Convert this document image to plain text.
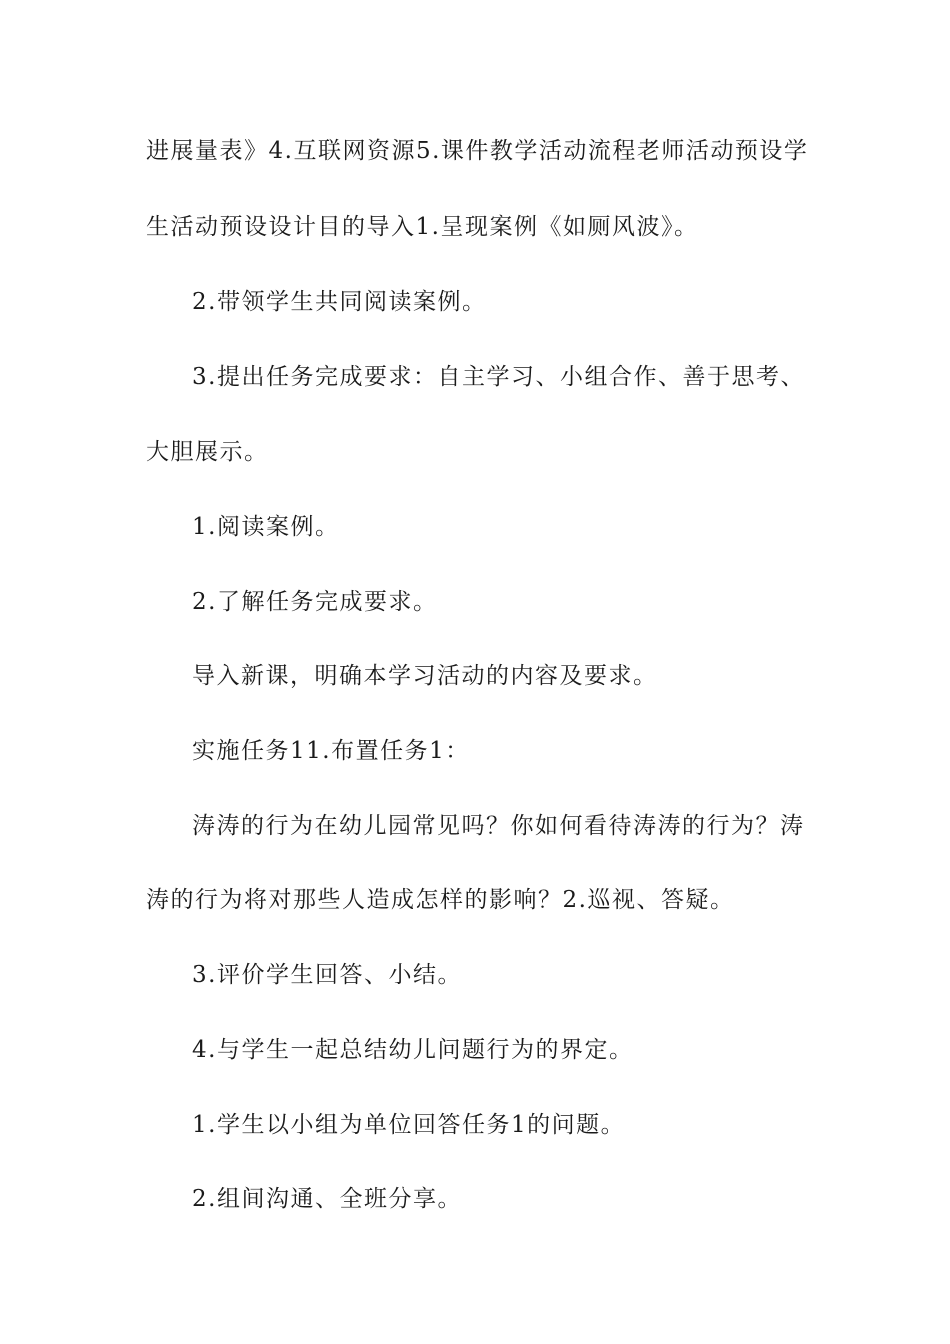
进展量表》4.互联网资源5.课件教学活动流程老师活动预设学
生活动预设设计目的导入1.呈现案例《如厕风波》。
2.带领学生共同阅读案例。
3.提出任务完成要求：自主学习、小组合作、善于思考、
大胆展示。
1.阅读案例。
2.了解任务完成要求。
导入新课，明确本学习活动的内容及要求。
实施任务11.布置任务1：
涛涛的行为在幼儿园常见吗？你如何看待涛涛的行为？涛
涛的行为将对那些人造成怎样的影响？2.巡视、答疑。
3.评价学生回答、小结。
4.与学生一起总结幼儿问题行为的界定。
1.学生以小组为单位回答任务1的问题。
2.组间沟通、全班分享。
